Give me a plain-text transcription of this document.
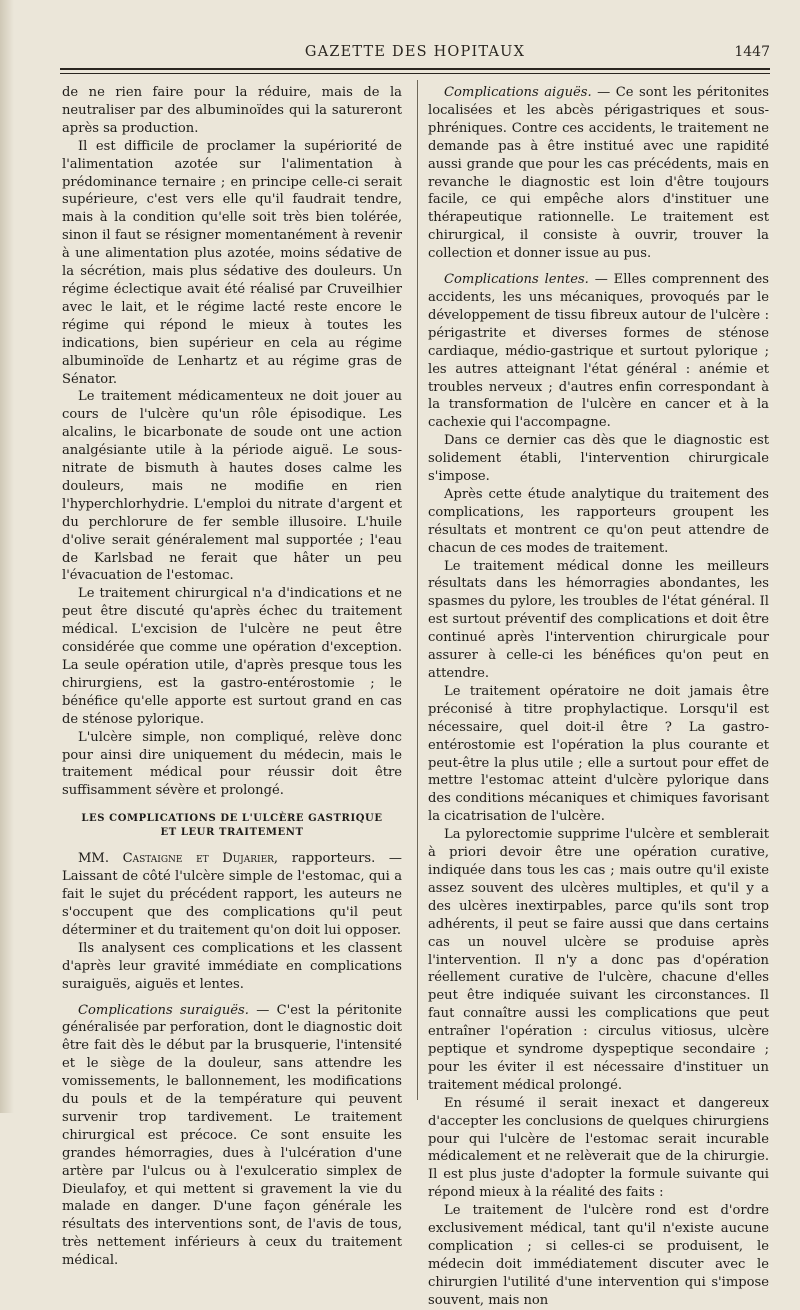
GAZETTE DES HOPITAUX	1447

de ne rien faire pour la réduire, mais de la neutraliser par des albuminoïdes qui la satureront après sa production.

Il est difficile de proclamer la supériorité de l'alimentation azotée sur l'alimentation à prédominance ternaire ; en principe celle-ci serait supérieure, c'est vers elle qu'il faudrait tendre, mais à la condition qu'elle soit très bien tolérée, sinon il faut se résigner momentanément à revenir à une alimentation plus azotée, moins sédative de la sécrétion, mais plus sédative des douleurs. Un régime éclectique avait été réalisé par Cruveilhier avec le lait, et le régime lacté reste encore le régime qui répond le mieux à toutes les indications, bien supérieur en cela au régime albuminoïde de Lenhartz et au régime gras de Sénator.

Le traitement médicamenteux ne doit jouer au cours de l'ulcère qu'un rôle épisodique. Les alcalins, le bicarbonate de soude ont une action analgésiante utile à la période aiguë. Le sous-nitrate de bismuth à hautes doses calme les douleurs, mais ne modifie en rien l'hyperchlorhydrie. L'emploi du nitrate d'argent et du perchlorure de fer semble illusoire. L'huile d'olive serait généralement mal supportée ; l'eau de Karlsbad ne ferait que hâter un peu l'évacuation de l'estomac.

Le traitement chirurgical n'a d'indications et ne peut être discuté qu'après échec du traitement médical. L'excision de l'ulcère ne peut être considérée que comme une opération d'exception. La seule opération utile, d'après presque tous les chirurgiens, est la gastro-entérostomie ; le bénéfice qu'elle apporte est surtout grand en cas de sténose pylorique.

L'ulcère simple, non compliqué, relève donc pour ainsi dire uniquement du médecin, mais le traitement médical pour réussir doit être suffisamment sévère et prolongé.

LES COMPLICATIONS DE L'ULCÈRE GASTRIQUE
ET LEUR TRAITEMENT

MM. Castaigne et Dujarier, rapporteurs. — Laissant de côté l'ulcère simple de l'estomac, qui a fait le sujet du précédent rapport, les auteurs ne s'occupent que des complications qu'il peut déterminer et du traitement qu'on doit lui opposer.

Ils analysent ces complications et les classent d'après leur gravité immédiate en complications suraiguës, aiguës et lentes.

Complications suraiguës. — C'est la péritonite généralisée par perforation, dont le diagnostic doit être fait dès le début par la brusquerie, l'intensité et le siège de la douleur, sans attendre les vomissements, le ballonnement, les modifications du pouls et de la température qui peuvent survenir trop tardivement. Le traitement chirurgical est précoce. Ce sont ensuite les grandes hémorragies, dues à l'ulcération d'une artère par l'ulcus ou à l'exulceratio simplex de Dieulafoy, et qui mettent si gravement la vie du malade en danger. D'une façon générale les résultats des interventions sont, de l'avis de tous, très nettement inférieurs à ceux du traitement médical.

Complications aiguës. — Ce sont les péritonites localisées et les abcès périgastriques et sous-phréniques. Contre ces accidents, le traitement ne demande pas à être institué avec une rapidité aussi grande que pour les cas précédents, mais en revanche le diagnostic est loin d'être toujours facile, ce qui empêche alors d'instituer une thérapeutique rationnelle. Le traitement est chirurgical, il consiste à ouvrir, trouver la collection et donner issue au pus.

Complications lentes. — Elles comprennent des accidents, les uns mécaniques, provoqués par le développement de tissu fibreux autour de l'ulcère : périgastrite et diverses formes de sténose cardiaque, médio-gastrique et surtout pylorique ; les autres atteignant l'état général : anémie et troubles nerveux ; d'autres enfin correspondant à la transformation de l'ulcère en cancer et à la cachexie qui l'accompagne.

Dans ce dernier cas dès que le diagnostic est solidement établi, l'intervention chirurgicale s'impose.

Après cette étude analytique du traitement des complications, les rapporteurs groupent les résultats et montrent ce qu'on peut attendre de chacun de ces modes de traitement.

Le traitement médical donne les meilleurs résultats dans les hémorragies abondantes, les spasmes du pylore, les troubles de l'état général. Il est surtout préventif des complications et doit être continué après l'intervention chirurgicale pour assurer à celle-ci les bénéfices qu'on peut en attendre.

Le traitement opératoire ne doit jamais être préconisé à titre prophylactique. Lorsqu'il est nécessaire, quel doit-il être ? La gastro-entérostomie est l'opération la plus courante et peut-être la plus utile ; elle a surtout pour effet de mettre l'estomac atteint d'ulcère pylorique dans des conditions mécaniques et chimiques favorisant la cicatrisation de l'ulcère.

La pylorectomie supprime l'ulcère et semblerait à priori devoir être une opération curative, indiquée dans tous les cas ; mais outre qu'il existe assez souvent des ulcères multiples, et qu'il y a des ulcères inextirpables, parce qu'ils sont trop adhérents, il peut se faire aussi que dans certains cas un nouvel ulcère se produise après l'intervention. Il n'y a donc pas d'opération réellement curative de l'ulcère, chacune d'elles peut être indiquée suivant les circonstances. Il faut connaître aussi les complications que peut entraîner l'opération : circulus vitiosus, ulcère peptique et syndrome dyspeptique secondaire ; pour les éviter il est nécessaire d'instituer un traitement médical prolongé.

En résumé il serait inexact et dangereux d'accepter les conclusions de quelques chirurgiens pour qui l'ulcère de l'estomac serait incurable médicalement et ne relèverait que de la chirurgie. Il est plus juste d'adopter la formule suivante qui répond mieux à la réalité des faits :

Le traitement de l'ulcère rond est d'ordre exclusivement médical, tant qu'il n'existe aucune complication ; si celles-ci se produisent, le médecin doit immédiatement discuter avec le chirurgien l'utilité d'une intervention qui s'impose souvent, mais non
